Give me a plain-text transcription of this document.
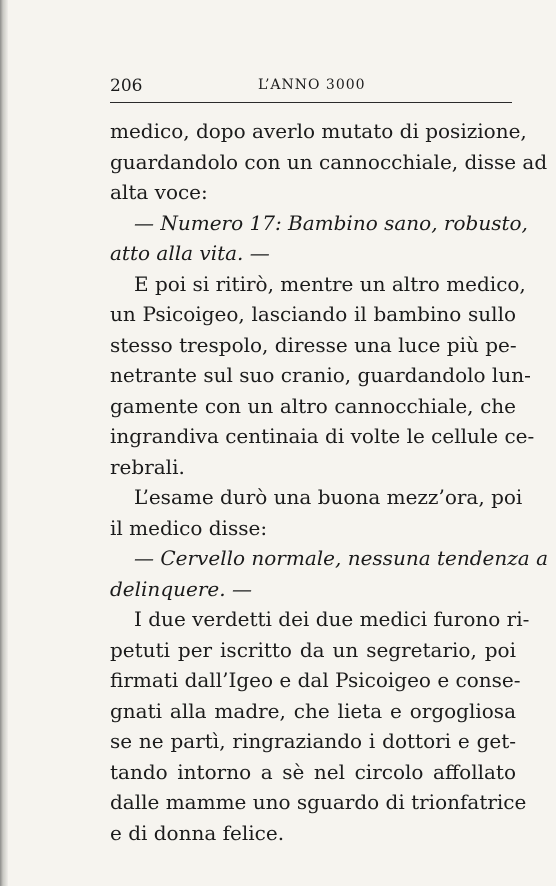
206	L’ANNO 3000
medico, dopo averlo mutato di posizione,
guardandolo con un cannocchiale, disse ad
alta voce:
— Numero 17: Bambino sano, robusto,
atto alla vita. —
E poi si ritirò, mentre un altro medico,
un Psicoigeo, lasciando il bambino sullo
stesso trespolo, diresse una luce più pe-
netrante sul suo cranio, guardandolo lun-
gamente con un altro cannocchiale, che
ingrandiva centinaia di volte le cellule ce-
rebrali.
L’esame durò una buona mezz’ora, poi
il medico disse:
— Cervello normale, nessuna tendenza a
delinquere. —
I due verdetti dei due medici furono ri-
petuti per iscritto da un segretario, poi
firmati dall’Igeo e dal Psicoigeo e conse-
gnati alla madre, che lieta e orgogliosa
se ne partì, ringraziando i dottori e get-
tando intorno a sè nel circolo affollato
dalle mamme uno sguardo di trionfatrice
e di donna felice.
